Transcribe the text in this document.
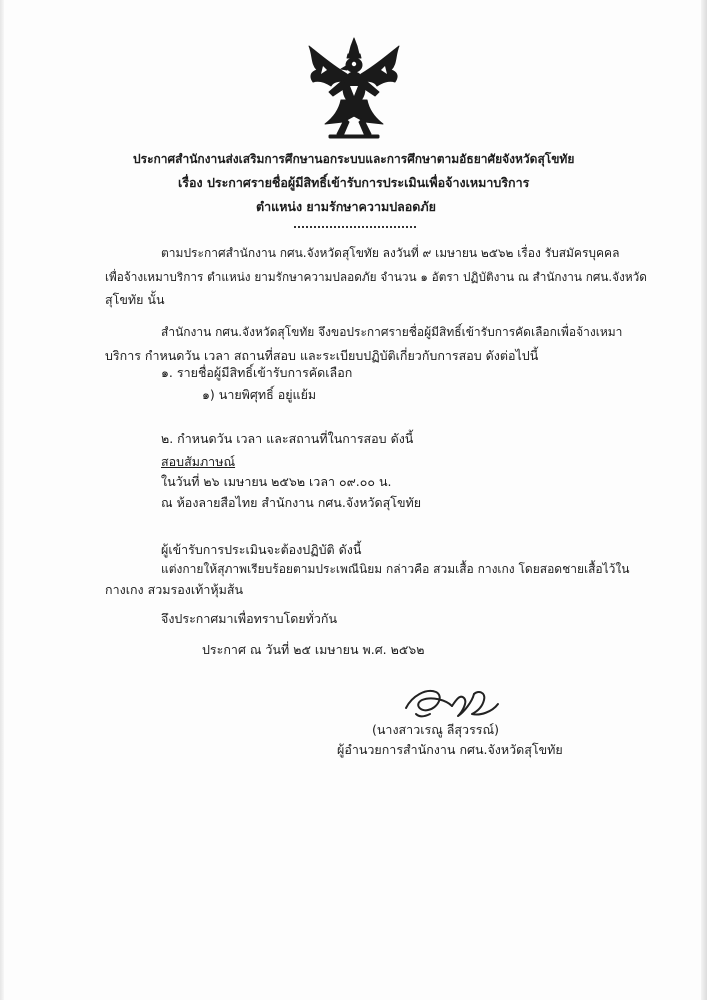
ประกาศสำนักงานส่งเสริมการศึกษานอกระบบและการศึกษาตามอัธยาศัยจังหวัดสุโขทัย
เรื่อง ประกาศรายชื่อผู้มีสิทธิ์เข้ารับการประเมินเพื่อจ้างเหมาบริการ
ตำแหน่ง ยามรักษาความปลอดภัย
ตามประกาศสำนักงาน กศน.จังหวัดสุโขทัย ลงวันที่ ๙ เมษายน ๒๕๖๒ เรื่อง รับสมัครบุคคล
เพื่อจ้างเหมาบริการ ตำแหน่ง ยามรักษาความปลอดภัย จำนวน ๑ อัตรา ปฏิบัติงาน ณ สำนักงาน กศน.จังหวัด
สุโขทัย นั้น
สำนักงาน กศน.จังหวัดสุโขทัย จึงขอประกาศรายชื่อผู้มีสิทธิ์เข้ารับการคัดเลือกเพื่อจ้างเหมา
บริการ กำหนดวัน เวลา สถานที่สอบ และระเบียบปฏิบัติเกี่ยวกับการสอบ ดังต่อไปนี้
๑. รายชื่อผู้มีสิทธิ์เข้ารับการคัดเลือก
๑) นายพิศุทธิ์ อยู่แย้ม
๒. กำหนดวัน เวลา และสถานที่ในการสอบ ดังนี้
สอบสัมภาษณ์
ในวันที่ ๒๖ เมษายน ๒๕๖๒ เวลา ๐๙.๐๐ น.
ณ ห้องลายสือไทย สำนักงาน กศน.จังหวัดสุโขทัย
ผู้เข้ารับการประเมินจะต้องปฏิบัติ ดังนี้
แต่งกายให้สุภาพเรียบร้อยตามประเพณีนิยม กล่าวคือ สวมเสื้อ กางเกง โดยสอดชายเสื้อไว้ใน
กางเกง สวมรองเท้าหุ้มส้น
จึงประกาศมาเพื่อทราบโดยทั่วกัน
ประกาศ ณ วันที่ ๒๕ เมษายน พ.ศ. ๒๕๖๒
(นางสาวเรณู ลีสุวรรณ์)
ผู้อำนวยการสำนักงาน กศน.จังหวัดสุโขทัย
